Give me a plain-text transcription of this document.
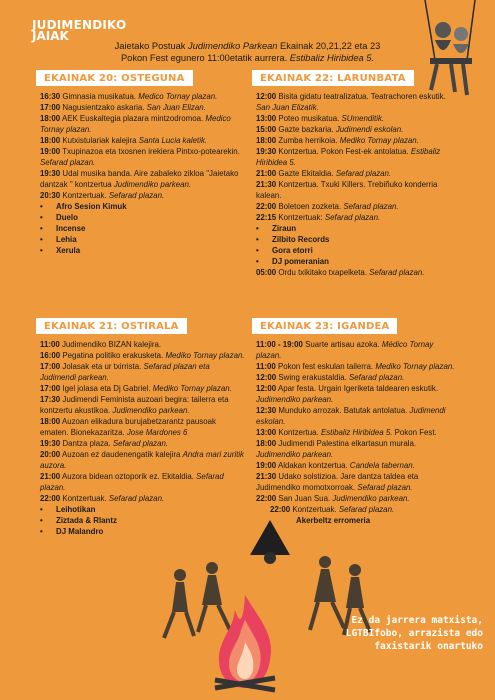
JUDIMENDIKO
JAIAK
Jaietako Postuak Judimendiko Parkean Ekainak 20,21,22 eta 23
Pokon Fest egunero 11:00etatik aurrera. Estibaliz Hiribidea 5.
EKAINAK 20: OSTEGUNA

16:30 Gimnasia musikatua. Medico Tornay plazan.

17:00 Nagusientzako askaria. San Juan Elizan.

18:00 AEK Euskaltegia plazara mintzodromoa. Medico Tornay plazan.

18:00 Kutxistulariak kalejira Santa Lucia kaletik.

19:00 Txupinazoa eta txosnen irekiera Pintxo-potearekin. Sefarad plazan.

19:30 Udal musika banda. Aire zabaleko zikloa "Jaietako dantzak " kontzertua Judimendiko parkean.

20:30 Kontzertuak. Sefarad plazan.

• Afro Sesion Kimuk

• Duelo

• Incense

• Lehia

• Xerula

EKAINAK 21: OSTIRALA

11:00 Judimendiko BIZAN kalejira.

16:00 Pegatina politiko erakusketa. Mediko Tornay plazan.

17:00 Jolasak eta ur txirrista. Sefarad plazan eta Judimendi parkean.

17:00 Igel jolasa eta Dj Gabriel. Mediko Tornay plazan.

17:30 Judimendi Feminista auzoari begira: tailerra eta kontzertu akustikoa. Judimendiko parkean.

18:00 Auzoan elikadura burujabetzarantz pausoak ematen. Bionekazaritza. Jose Mardones 6

19:30 Dantza plaza. Sefarad plazan.

20:00 Auzoan ez daudenengatik kalejira Andra mari zuritik auzora.

21:00 Auzora bidean oztoporik ez. Ekitaldia. Sefarad plazan.

22:00 Kontzertuak. Sefarad plazan.

• Leihotikan

• Ziztada & Rlantz

• DJ Malandro

EKAINAK 22: LARUNBATA

12:00 Bisita gidatu teatralizatua. Teatrachoren eskutik. San Juan Elizatik.

13:00 Poteo musikatua. SUmenditik.

15:00 Gazte bazkaria. Judimendi eskolan.

18:00 Zumba herrikoia. Mediko Tornay plazan.

19:30 Kontzertua. Pokon Fest-ek antolatua. Estibaliz Hiribidea 5.

21:00 Gazte Ekitaldia. Sefarad plazan.

21:30 Kontzertua. Txuki Killers. Trebiñuko konderria kalean.

22:00 Boletoen zozketa. Sefarad plazan.

22:15 Kontzertuak: Sefarad plazan.

• Ziraun

• Zilbito Records

• Gora etorri

• DJ pomeranian

05:00 Ordu txikitako txapelketa. Sefarad plazan.

EKAINAK 23: IGANDEA

11:00 - 19:00 Suarte artisau azoka. Médico Tornay plazan.

11:00 Pokon fest eskulan tailerra. Mediko Tornay plazan.

12:00 Swing erakustaldia. Sefarad plazan.

12:00 Apar festa. Urgain Igeriketa taldearen eskutik. Judimendiko parkean.

12:30 Munduko arrozak. Batutak antolatua. Judimendi eskolan.

13:00 Kontzertua. Estibaliz Hiribidea 5. Pokon Fest.

18:00 Judimendi Palestina elkartasun murala. Judimendiko parkean.

19:00 Aldakan kontzertua. Candela tabernan.

21:30 Udako solstizioa. Jare dantza taldea eta Judimendiko momotxorroak. Sefarad plazan.

22:00 San Juan Sua. Judimendiko parkean.

22:00 Kontzertuak. Sefarad plazan.

Akerbeltz erromeria

Ez da jarrera matxista, LGTBIfobo, arrazista edo faxistarik onartuko
